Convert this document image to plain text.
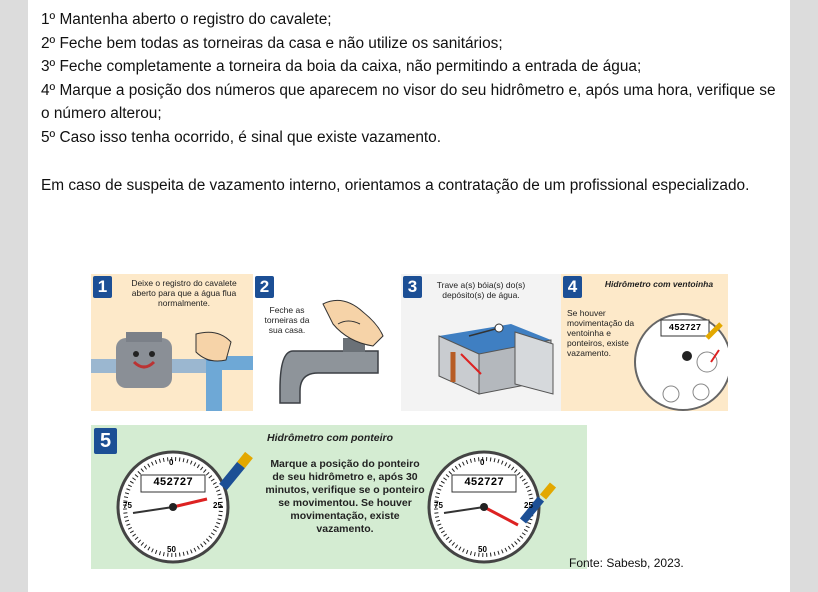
1º Mantenha aberto o registro do cavalete;

2º Feche bem todas as torneiras da casa e não utilize os sanitários;

3º Feche completamente a torneira da boia da caixa, não permitindo a entrada de água;

4º Marque a posição dos números que aparecem no visor do seu hidrômetro e, após uma hora, verifique se o número alterou;

5º Caso isso tenha ocorrido, é sinal que existe vazamento.

Em caso de suspeita de vazamento interno, orientamos a contratação de um profissional especializado.

1	Deixe o registro do cavalete aberto para que a água flua normalmente.
2
Feche as torneiras da sua casa.
3	Trave a(s) bóia(s) do(s) depósito(s) de água.	4	Hidrômetro com ventoinha
Se houver movimentação da ventoinha e ponteiros, existe vazamento.
452727
5	Hidrômetro com ponteiro
Marque a posição do ponteiro de seu hidrômetro e, após 30 minutos, verifique se o ponteiro se movimentou. Se houver movimentação, existe vazamento.
452727	452727
0
75	25
50
0
75	25
50
Fonte: Sabesb, 2023.
